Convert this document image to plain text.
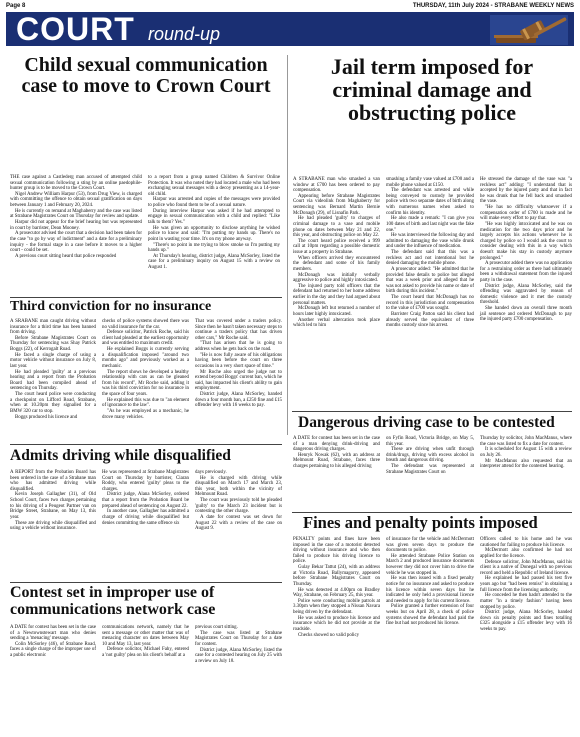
Page 8	THURSDAY, 11th July 2024 - STRABANE WEEKLY NEWS
COURT round-up
Child sexual communication case to move to Crown Court

THE case against a Castlederg man accused of attempted child sexual communication following a sting by an online paedophile-hunter group is to be moved to the Crown Court.

Nigel Andrew William Harpur (53), from Drug View, is charged with committing the offence to obtain sexual gratification on days between January 1 and February 20, 2024.

He is currently on remand at Maghaberry and the case was listed at Strabane Magistrates Court on Thursday for review and update.

Harpur did not appear for the brief hearing but was represented in court by barrister, Dean Mooney.

A prosecutor advised the court that a decision had been taken for the case "to go by way of indictment" and a date for a preliminary inquiry - the formal stage in a case before it moves to a higher court - could be set.

A previous court sitting heard that police responded

to a report from a group named Children & Survivor Online Protection. It was who noted they had located a male who had been exchanging sexual messages with a decoy presenting as a 14-year-old child.

Harpur was arrested and copies of the messages were provided to police who found them to be of a sexual nature.

During interview Harpur was asked if he had attempted to engage in sexual communication with a child and replied: "Like talk to them? Yes."

He was given an opportunity to disclose anything he wished police to know and said: "I'm putting my hands up. There's no point in wasting your time. It's on my phone anyway.

"There's no point in me trying to blow smoke so I'm putting my hands up."

At Thursday's hearing, district judge, Alana McSorley, listed the case for a preliminary inquiry on August 15 with a review on August 1.

Jail term imposed for criminal damage and obstructing police

A STRABANE man who smashed a van window at £700 has been ordered to pay compensation.

Appearing before Strabane Magistrates Court via videolink from Maghaberry for sentencing was Bernard Martin Bernie McDonagh (29), of Lisnafin Park.

He had pleaded 'guilty' to charges of criminal damage to a vase and mobile phone on dates between May 21 and 22, this year, and obstructing police on May 22.

The court heard police received a 999 call at 10pm regarding a possible domestic issue at a property in Strabane.

When officers arrived they encountered the defendant and some of his family members.

McDonagh was initially verbally aggressive to police and highly intoxicated.

The injured party told officers that the defendant had returned to her home address earlier in the day and they had argued about personal matters.

McDonagh left but returned a number of hours later highly intoxicated.

Another verbal altercation took place which led to him

smashing a family vase valued at £700 and a mobile phone valued at £150.

The defendant was arrested and while being conveyed to custody he provided police with two separate dates of birth along with numerous names when asked to confirm his identity.

He also made a remark: "I can give you 100 dates of birth and last night was the fake one."

He was interviewed the following day and admitted to damaging the vase while drunk and under the influence of medication.

The defendant said that this was a reckless act and not intentional but he denied damaging the mobile phone.

A prosecutor added: "He admitted that he provided false details to police but alleged that was a week prior and alleged that he was not asked to provide his name or date of birth during this incident."

The court heard that McDonagh has no record in this jurisdiction and compensation to the value of £700 was sought.

Barrister Craig Patton said his client had already served the equivalent of three months custody since his arrest.

He stressed the damage of the vase was "a reckless act" adding: "I understand that is accepted by the injured party and that in fact he was drunk that he fell back and smashed the vase.

"He has no difficulty whatsoever if a compensation order of £700 is made and he will make every effort to pay that.

"He was highly intoxicated and he was on medication for the two days prior and he largely accepts his actions whenever he is charged by police so I would ask the court to consider dealing with this in a way which doesn't make his stay in custody anymore prolonged."

A prosecutor added there was no application for a restraining order as there had ultimately been a withdrawal statement from the injured party in the case.

District judge, Alana McSorley, said the offending was aggravated by reason of domestic violence and it met the custody threshold.

She handed down an overall three month jail sentence and ordered McDonagh to pay the injured party £700 compensation.

Third conviction for no insurance

A SRABANE man caught driving without insurance for a third time has been banned from driving.

Before Strabane Magistrates Court on Thursday for sentencing was Shay Patrick Boggs (22), of Kerrogalt Road.

He faced a single charge of using a motor vehicle without insurance on July 8, last year.

He had pleaded 'guilty' at a previous hearing and a report from the Probation Board had been compiled ahead of sentencing on Thursday.

The court heard police were conducting a checkpoint on Lifford Road, Strabane, when at 10.20pm they signalled for a BMW 320 car to stop.

Boggs produced his licence and

checks of police systems showed there was no valid insurance for the car.

Defence solicitor, Patrick Roche, said his client had pleaded at the earliest opportunity and was entitled to maximum credit.

He explained Boggs is currently serving a disqualification imposed "around two months ago" and previously worked as a mechanic.

The report shows he developed a healthy relationship with cars as can be gleaned from his record", Mr Roche said, adding it was his third conviction for no insurance in the space of four years.

He explained this was due to "an element of ignorance to the law".

"As he was employed as a mechanic, he drove many vehicles.

That was covered under a traders policy. Since then he hasn't taken necessary steps to continue a traders policy that has driven other cars," Mr Roche said.

"That has arisen that he is going to address when he gets back on the road.

"He is now fully aware of his obligations having been before the court on three occasions in a very short space of time."

Mr Roche also urged the judge not to extend beyond Boggs' current ban, which he said, has impacted his client's ability to gain employment.

District judge, Alana McSorley, handed down a four month ban, a £250 fine and £15 offender levy with 16 weeks to pay.

Dangerous driving case to be contested

A DATE for contest has been set in the case of a man denying drink-driving and dangerous driving charges.

Henryk Nowak (62), with an address at Melmount Road, Strabane, faces three charges pertaining to his alleged driving

on Fyfin Road, Victoria Bridge, on May 5, this year.

These are driving when unfit through drink/drugs, driving with excess alcohol in breath and dangerous driving.

The defendant was represented at Strabane Magistrates Court on

Thursday by solicitor, John MacManus, where the case was listed to fix a date for contest.

It is scheduled for August 15 with a review on July 26.

Mr MacManus also requested that an interpreter attend for the contested hearing.

Admits driving while disqualified

A REPORT from the Probation Board has been ordered in the case of a Strabane man who has admitted driving while disqualified.

Kevin Joseph Gallagher (31), of Old School Court, faces two charges pertaining to his driving of a Peugeot Partner van on Bridge Street, Strabane, on May 13, this year.

These are driving while disqualified and using a vehicle without insurance.

He was represented at Strabane Magistrates Court on Thursday by barrister, Ciaran Roddy, who entered 'guilty' pleas to the charges.

District judge, Alana McSorley, ordered that a report from the Probation Board be prepared ahead of sentencing on August 22.

In another case, Gallagher has admitted a charge of driving while disqualified but denies committing the same offence six

days previously.

He is charged with driving while disqualified on March 17 and March 23, this year, both within the vicinity of Melmount Road.

The court was previously told he pleaded 'guilty' to the March 23 incident but is contesting the other charge.

A date for contest was set down for August 22 with a review of the case on August 9.	Fines and penalty points imposed

PENALTY points and fines have been imposed in the case of a motorist detected driving without insurance and who then failed to produce his driving licence to police.

Gulay Bekar Tattut (24), with an address at Victoria Road, Ballymagorry, appeared before Strabane Magistrates Court on Thursday.

He was detected at 4.00pm on Bradley Way, Strabane, on February 25, this year.

Police were conducting mobile patrols at 3.30pm when they stopped a Nissan Navara being driven by the defendant.

He was asked to produce his licence and insurance which he did not provide at the roadside.

Checks showed no valid policy

of insurance for the vehicle and McDermott was given seven days to produce the documents to police.

He attended Strabane Police Station on March 2 and produced insurance documents however they did not cover him to drive the vehicle he was stopped in.

He was then issued with a fixed penalty notice for no insurance and asked to produce his licence within seven days but he indicated he only held a provisional licence and needed to apply for his current licence.

Police granted a further extension of four weeks but on April 28, a check of police systems showed the defendant had paid the fine but had not produced his licence.

Officers called to his home and he was cautioned for failing to produce his licence.

McDermott also confirmed he had not applied for the licence.

Defence solicitor, John MacManus, said his client is a native of Donegal with no previous record and held a Republic of Ireland licence.

He explained he had passed his test five years ago but "had been remiss" in obtaining a full licence from the licensing authority.

He conceded he then hadn't attended to the matter "in a timely fashion" having been stopped by police.

District judge, Alana McSorley, handed down six penalty points and fines totalling £325 alongside a £15 offender levy with 16 weeks to pay.

Contest set in improper use of communications network case

A DATE for contest has been set in the case of a Newtownstewart man who denies sending a 'menacing' message.

Colin McSorley (46), of Strabane Road, faces a single charge of the improper use of a public electronic

communications network, namely that he sent a message or other matter that was of menacing character on dates between May 10 and May 13, last year.

Defence solicitor, Michael Fahy, entered a 'not guilty' plea on his client's behalf at a

previous court sitting.

The case was listed at Strabane Magistrates Court on Thursday for a date for contest.

District judge, Alana McSorley, listed the case for a contested hearing on July 25 with a review on July 18.
